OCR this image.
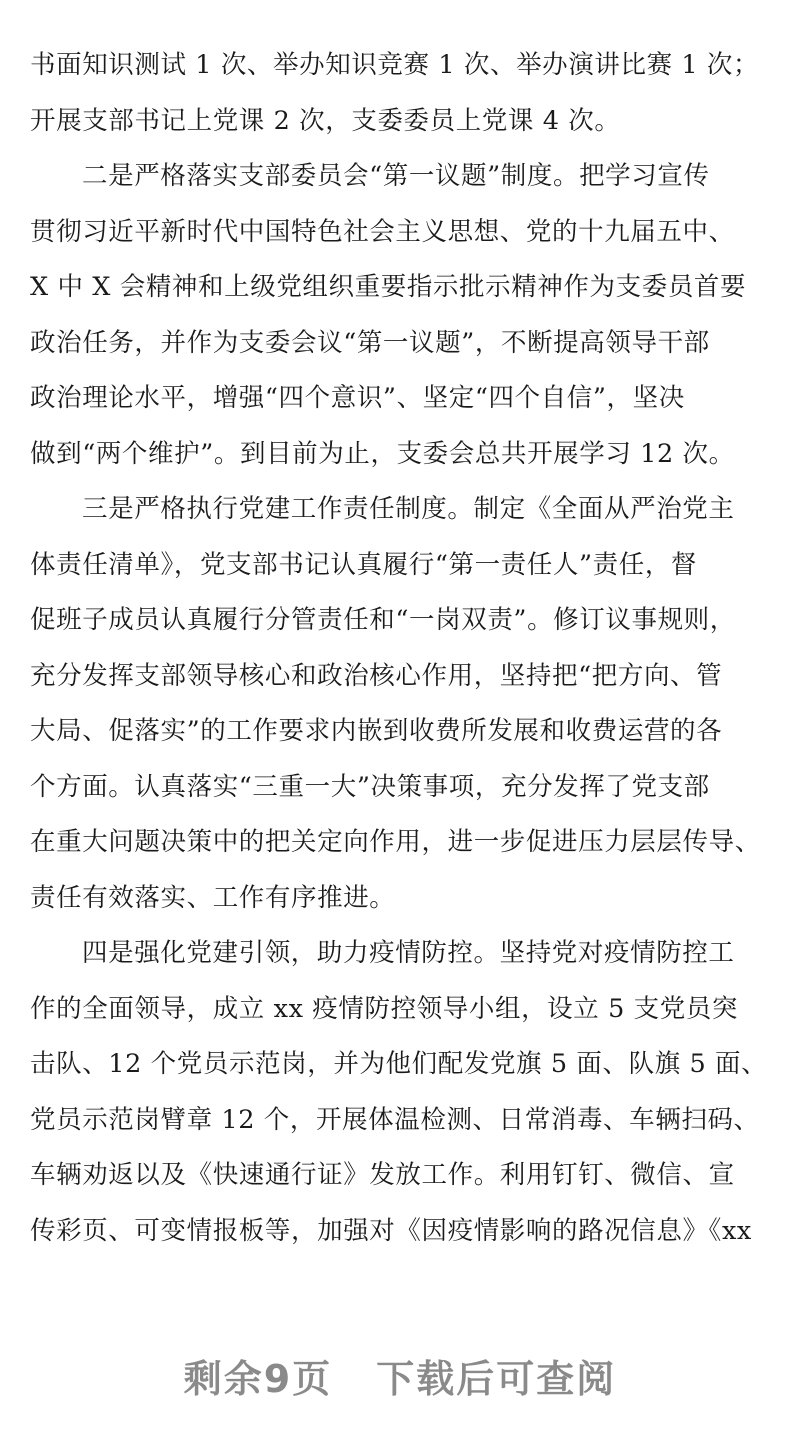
书面知识测试 1 次、举办知识竞赛 1 次、举办演讲比赛 1 次；
开展支部书记上党课 2 次，支委委员上党课 4 次。
二是严格落实支部委员会“第一议题”制度。把学习宣传
贯彻习近平新时代中国特色社会主义思想、党的十九届五中、
X 中 X 会精神和上级党组织重要指示批示精神作为支委员首要
政治任务，并作为支委会议“第一议题”，不断提高领导干部
政治理论水平，增强“四个意识”、坚定“四个自信”，坚决
做到“两个维护”。到目前为止，支委会总共开展学习 12 次。
三是严格执行党建工作责任制度。制定《全面从严治党主
体责任清单》，党支部书记认真履行“第一责任人”责任，督
促班子成员认真履行分管责任和“一岗双责”。修订议事规则，
充分发挥支部领导核心和政治核心作用，坚持把“把方向、管
大局、促落实”的工作要求内嵌到收费所发展和收费运营的各
个方面。认真落实“三重一大”决策事项，充分发挥了党支部
在重大问题决策中的把关定向作用，进一步促进压力层层传导、
责任有效落实、工作有序推进。
四是强化党建引领，助力疫情防控。坚持党对疫情防控工
作的全面领导，成立 xx 疫情防控领导小组，设立 5 支党员突
击队、12 个党员示范岗，并为他们配发党旗 5 面、队旗 5 面、
党员示范岗臂章 12 个，开展体温检测、日常消毒、车辆扫码、
车辆劝返以及《快速通行证》发放工作。利用钉钉、微信、宣
传彩页、可变情报板等，加强对《因疫情影响的路况信息》《xx
剩余9页 下载后可查阅
